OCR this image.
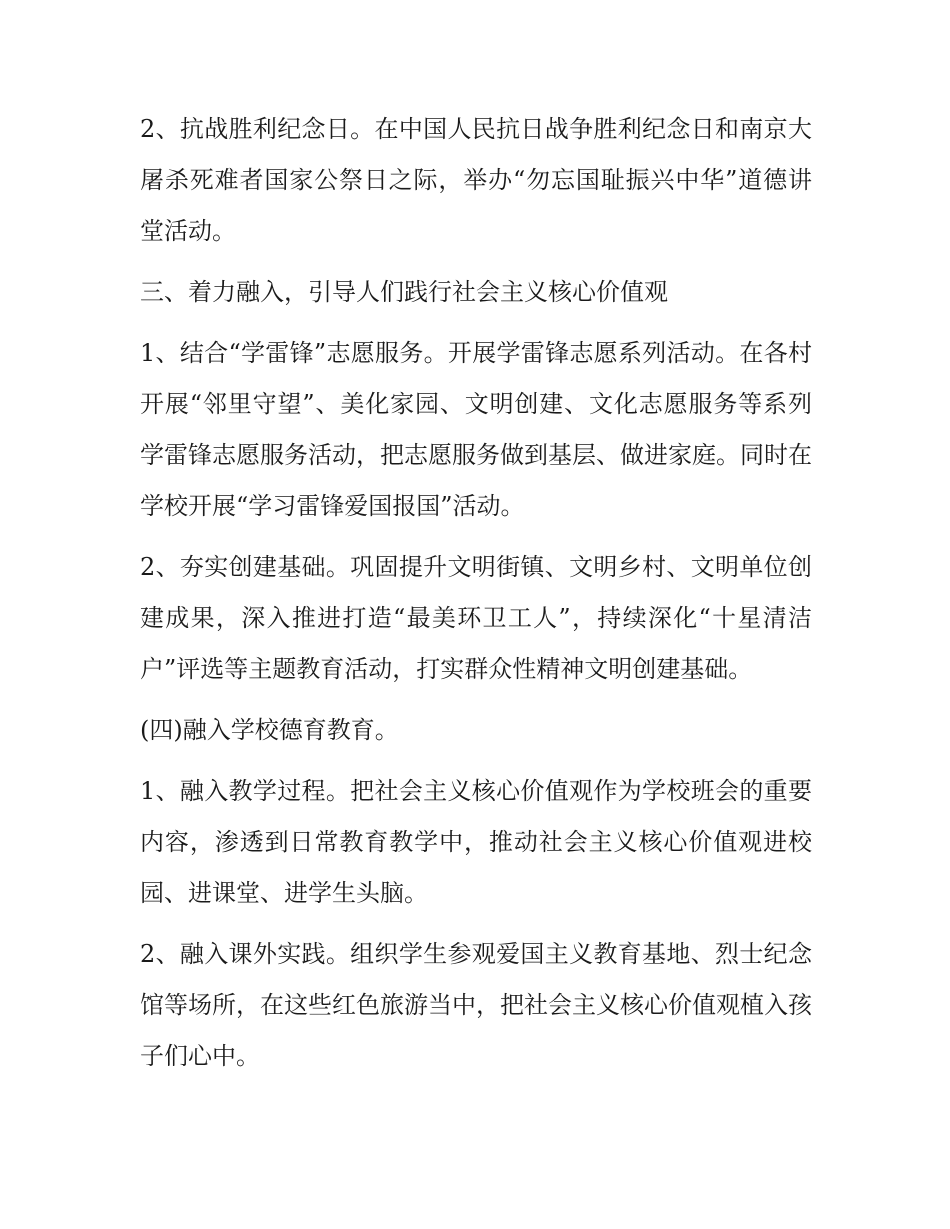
2、抗战胜利纪念日。在中国人民抗日战争胜利纪念日和南京大屠杀死难者国家公祭日之际，举办“勿忘国耻振兴中华”道德讲堂活动。

三、着力融入，引导人们践行社会主义核心价值观

1、结合“学雷锋”志愿服务。开展学雷锋志愿系列活动。在各村开展“邻里守望”、美化家园、文明创建、文化志愿服务等系列学雷锋志愿服务活动，把志愿服务做到基层、做进家庭。同时在学校开展“学习雷锋爱国报国”活动。

2、夯实创建基础。巩固提升文明街镇、文明乡村、文明单位创建成果，深入推进打造“最美环卫工人”，持续深化“十星清洁户”评选等主题教育活动，打实群众性精神文明创建基础。

(四)融入学校德育教育。

1、融入教学过程。把社会主义核心价值观作为学校班会的重要内容，渗透到日常教育教学中，推动社会主义核心价值观进校园、进课堂、进学生头脑。

2、融入课外实践。组织学生参观爱国主义教育基地、烈士纪念馆等场所，在这些红色旅游当中，把社会主义核心价值观植入孩子们心中。
